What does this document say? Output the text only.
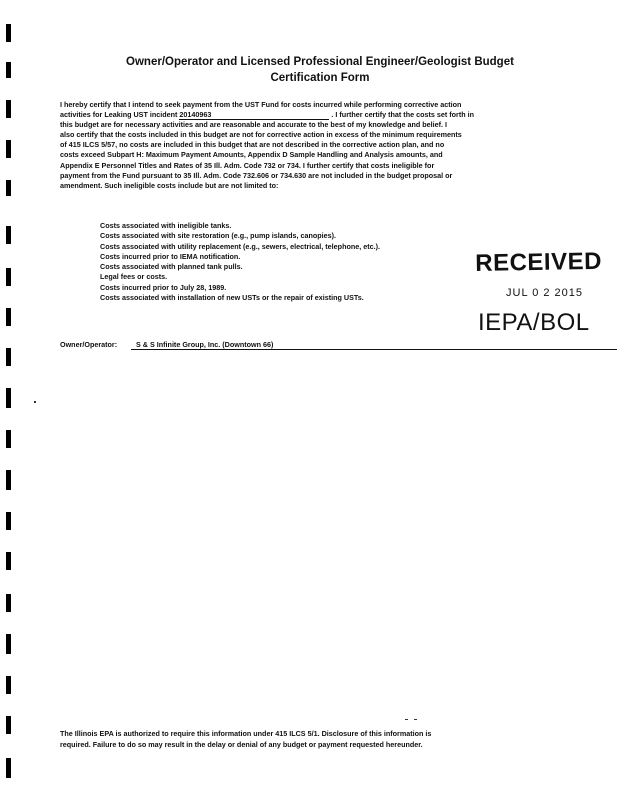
Owner/Operator and Licensed Professional Engineer/Geologist Budget
Certification Form
I hereby certify that I intend to seek payment from the UST Fund for costs incurred while performing corrective action
activities for Leaking UST incident 20140963	. I further certify that the costs set forth in
this budget are for necessary activities and are reasonable and accurate to the best of my knowledge and belief. I
also certify that the costs included in this budget are not for corrective action in excess of the minimum requirements
of 415 ILCS 5/57, no costs are included in this budget that are not described in the corrective action plan, and no
costs exceed Subpart H: Maximum Payment Amounts, Appendix D Sample Handling and Analysis amounts, and
Appendix E Personnel Titles and Rates of 35 Ill. Adm. Code 732 or 734. I further certify that costs ineligible for
payment from the Fund pursuant to 35 Ill. Adm. Code 732.606 or 734.630 are not included in the budget proposal or
amendment. Such ineligible costs include but are not limited to:
Costs associated with ineligible tanks.
Costs associated with site restoration (e.g., pump islands, canopies).
Costs associated with utility replacement (e.g., sewers, electrical, telephone, etc.).
Costs incurred prior to IEMA notification.
Costs associated with planned tank pulls.
Legal fees or costs.
Costs incurred prior to July 28, 1989.
Costs associated with installation of new USTs or the repair of existing USTs.
RECEIVED
JUL 0 2 2015
IEPA/BOL
Owner/Operator:	S & S Infinite Group, Inc. (Downtown 66)
The Illinois EPA is authorized to require this information under 415 ILCS 5/1. Disclosure of this information is
required. Failure to do so may result in the delay or denial of any budget or payment requested hereunder.
